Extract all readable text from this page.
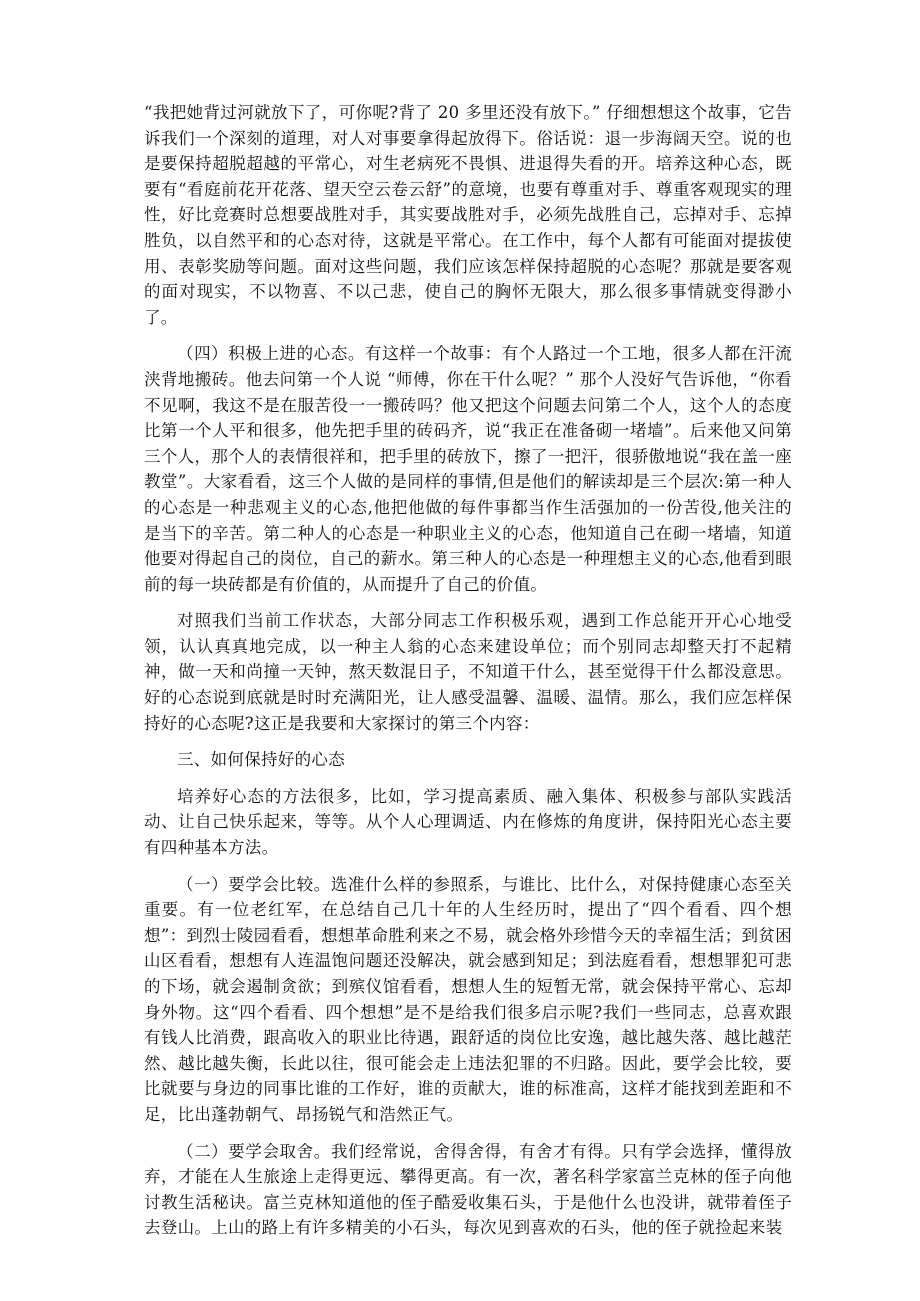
“我把她背过河就放下了，可你呢?背了 20 多里还没有放下。” 仔细想想这个故事，它告诉我们一个深刻的道理，对人对事要拿得起放得下。俗话说：退一步海阔天空。说的也是要保持超脱超越的平常心，对生老病死不畏惧、进退得失看的开。培养这种心态，既要有“看庭前花开花落、望天空云卷云舒”的意境，也要有尊重对手、尊重客观现实的理性，好比竞赛时总想要战胜对手，其实要战胜对手，必须先战胜自己，忘掉对手、忘掉胜负，以自然平和的心态对待，这就是平常心。在工作中，每个人都有可能面对提拔使用、表彰奖励等问题。面对这些问题，我们应该怎样保持超脱的心态呢？那就是要客观的面对现实，不以物喜、不以己悲，使自己的胸怀无限大，那么很多事情就变得渺小了。

（四）积极上进的心态。有这样一个故事：有个人路过一个工地，很多人都在汗流浃背地搬砖。他去问第一个人说 “师傅，你在干什么呢？” 那个人没好气告诉他，“你看不见啊，我这不是在服苦役一一搬砖吗？他又把这个问题去问第二个人，这个人的态度比第一个人平和很多，他先把手里的砖码齐，说“我正在准备砌一堵墙”。后来他又问第三个人，那个人的表情很祥和，把手里的砖放下，擦了一把汗，很骄傲地说“我在盖一座教堂”。大家看看，这三个人做的是同样的事情,但是他们的解读却是三个层次:第一种人的心态是一种悲观主义的心态,他把他做的每件事都当作生活强加的一份苦役,他关注的是当下的辛苦。第二种人的心态是一种职业主义的心态，他知道自己在砌一堵墙，知道他要对得起自己的岗位，自己的薪水。第三种人的心态是一种理想主义的心态,他看到眼前的每一块砖都是有价值的，从而提升了自己的价值。

对照我们当前工作状态，大部分同志工作积极乐观，遇到工作总能开开心心地受领，认认真真地完成，以一种主人翁的心态来建设单位；而个别同志却整天打不起精神，做一天和尚撞一天钟，熬天数混日子，不知道干什么，甚至觉得干什么都没意思。好的心态说到底就是时时充满阳光，让人感受温馨、温暖、温情。那么，我们应怎样保持好的心态呢?这正是我要和大家探讨的第三个内容：

三、如何保持好的心态

培养好心态的方法很多，比如，学习提高素质、融入集体、积极参与部队实践活动、让自己快乐起来，等等。从个人心理调适、内在修炼的角度讲，保持阳光心态主要有四种基本方法。

（一）要学会比较。选准什么样的参照系，与谁比、比什么，对保持健康心态至关重要。有一位老红军，在总结自己几十年的人生经历时，提出了“四个看看、四个想想”：到烈士陵园看看，想想革命胜利来之不易，就会格外珍惜今天的幸福生活；到贫困山区看看，想想有人连温饱问题还没解决，就会感到知足；到法庭看看，想想罪犯可悲的下场，就会遏制贪欲；到殡仪馆看看，想想人生的短暂无常，就会保持平常心、忘却身外物。这“四个看看、四个想想”是不是给我们很多启示呢?我们一些同志，总喜欢跟有钱人比消费，跟高收入的职业比待遇，跟舒适的岗位比安逸，越比越失落、越比越茫然、越比越失衡，长此以往，很可能会走上违法犯罪的不归路。因此，要学会比较，要比就要与身边的同事比谁的工作好，谁的贡献大，谁的标准高，这样才能找到差距和不足，比出蓬勃朝气、昂扬锐气和浩然正气。

（二）要学会取舍。我们经常说，舍得舍得，有舍才有得。只有学会选择，懂得放弃，才能在人生旅途上走得更远、攀得更高。有一次，著名科学家富兰克林的侄子向他讨教生活秘诀。富兰克林知道他的侄子酷爱收集石头，于是他什么也没讲，就带着侄子去登山。上山的路上有许多精美的小石头，每次见到喜欢的石头，他的侄子就捡起来装
